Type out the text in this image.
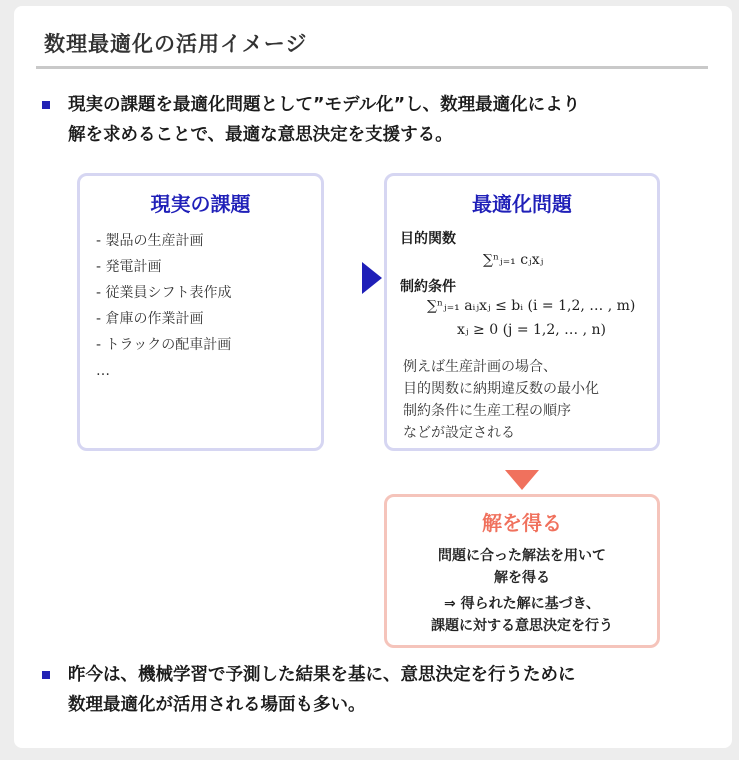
数理最適化の活用イメージ
現実の課題を最適化問題として”モデル化”し、数理最適化により
解を求めることで、最適な意思決定を支援する。
現実の課題
- 製品の生産計画
- 発電計画
- 従業員シフト表作成
- 倉庫の作業計画
- トラックの配車計画
…
最適化問題
目的関数
∑ⁿⱼ₌₁ cⱼxⱼ
制約条件
∑ⁿⱼ₌₁ aᵢⱼxⱼ ≤ bᵢ (i = 1,2, … , m)
xⱼ ≥ 0 (j = 1,2, … , n)
例えば生産計画の場合、
目的関数に納期違反数の最小化
制約条件に生産工程の順序
などが設定される
解を得る
問題に合った解法を用いて
解を得る
⇒ 得られた解に基づき、
課題に対する意思決定を行う
昨今は、機械学習で予測した結果を基に、意思決定を行うために
数理最適化が活用される場面も多い。
